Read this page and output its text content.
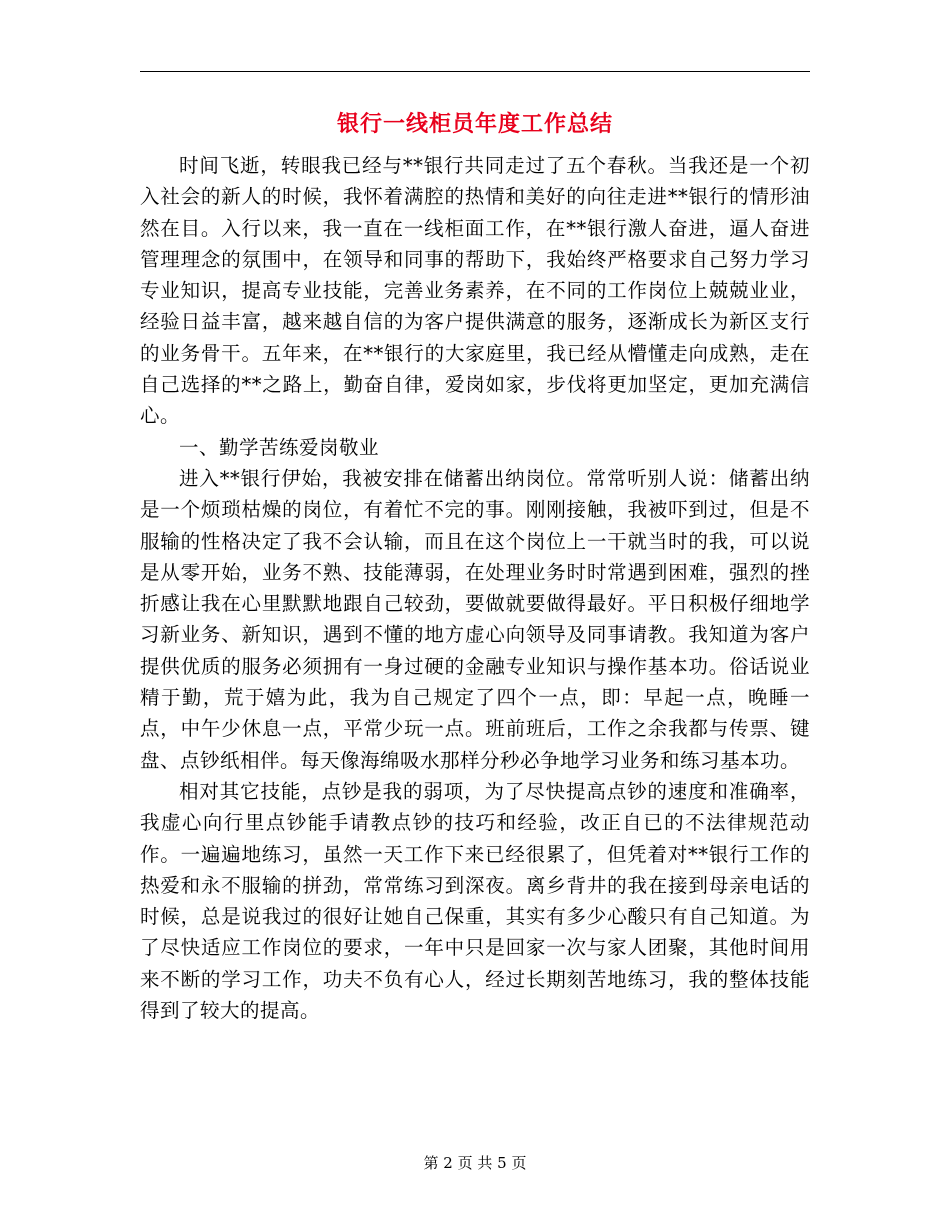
银行一线柜员年度工作总结

时间飞逝，转眼我已经与**银行共同走过了五个春秋。当我还是一个初入社会的新人的时候，我怀着满腔的热情和美好的向往走进**银行的情形油然在目。入行以来，我一直在一线柜面工作，在**银行激人奋进，逼人奋进管理理念的氛围中，在领导和同事的帮助下，我始终严格要求自己努力学习专业知识，提高专业技能，完善业务素养，在不同的工作岗位上兢兢业业，经验日益丰富，越来越自信的为客户提供满意的服务，逐渐成长为新区支行的业务骨干。五年来，在**银行的大家庭里，我已经从懵懂走向成熟，走在自己选择的**之路上，勤奋自律，爱岗如家，步伐将更加坚定，更加充满信心。

一、勤学苦练爱岗敬业

进入**银行伊始，我被安排在储蓄出纳岗位。常常听别人说：储蓄出纳是一个烦琐枯燥的岗位，有着忙不完的事。刚刚接触，我被吓到过，但是不服输的性格决定了我不会认输，而且在这个岗位上一干就当时的我，可以说是从零开始，业务不熟、技能薄弱，在处理业务时时常遇到困难，强烈的挫折感让我在心里默默地跟自己较劲，要做就要做得最好。平日积极仔细地学习新业务、新知识，遇到不懂的地方虚心向领导及同事请教。我知道为客户提供优质的服务必须拥有一身过硬的金融专业知识与操作基本功。俗话说业精于勤，荒于嬉为此，我为自己规定了四个一点，即：早起一点，晚睡一点，中午少休息一点，平常少玩一点。班前班后，工作之余我都与传票、键盘、点钞纸相伴。每天像海绵吸水那样分秒必争地学习业务和练习基本功。

相对其它技能，点钞是我的弱项，为了尽快提高点钞的速度和准确率，我虚心向行里点钞能手请教点钞的技巧和经验，改正自已的不法律规范动作。一遍遍地练习，虽然一天工作下来已经很累了，但凭着对**银行工作的热爱和永不服输的拼劲，常常练习到深夜。离乡背井的我在接到母亲电话的时候，总是说我过的很好让她自己保重，其实有多少心酸只有自己知道。为了尽快适应工作岗位的要求，一年中只是回家一次与家人团聚，其他时间用来不断的学习工作，功夫不负有心人，经过长期刻苦地练习，我的整体技能得到了较大的提高。

第 2 页 共 5 页
